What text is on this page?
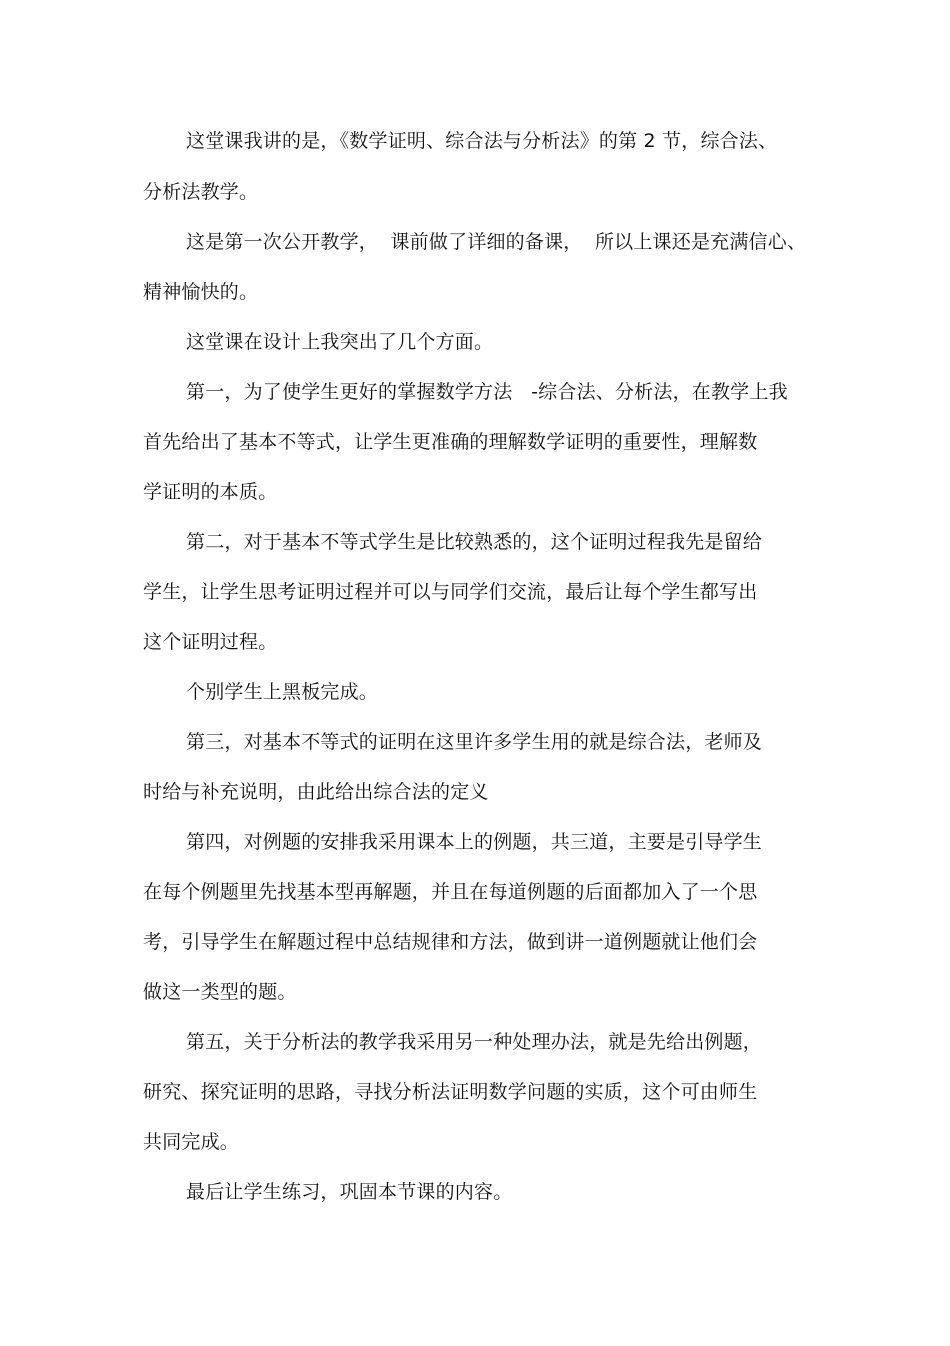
这堂课我讲的是，《数学证明、综合法与分析法》的第 2 节，综合法、
分析法教学。
这是第一次公开教学，  课前做了详细的备课，  所以上课还是充满信心、
精神愉快的。
这堂课在设计上我突出了几个方面。
第一，为了使学生更好的掌握数学方法   -综合法、分析法，在教学上我
首先给出了基本不等式，让学生更准确的理解数学证明的重要性，理解数
学证明的本质。
第二，对于基本不等式学生是比较熟悉的，这个证明过程我先是留给
学生，让学生思考证明过程并可以与同学们交流，最后让每个学生都写出
这个证明过程。
个别学生上黑板完成。
第三，对基本不等式的证明在这里许多学生用的就是综合法，老师及
时给与补充说明，由此给出综合法的定义
第四，对例题的安排我采用课本上的例题，共三道，主要是引导学生
在每个例题里先找基本型再解题，并且在每道例题的后面都加入了一个思
考，引导学生在解题过程中总结规律和方法，做到讲一道例题就让他们会
做这一类型的题。
第五，关于分析法的教学我采用另一种处理办法，就是先给出例题，
研究、探究证明的思路，寻找分析法证明数学问题的实质，这个可由师生
共同完成。
最后让学生练习，巩固本节课的内容。
